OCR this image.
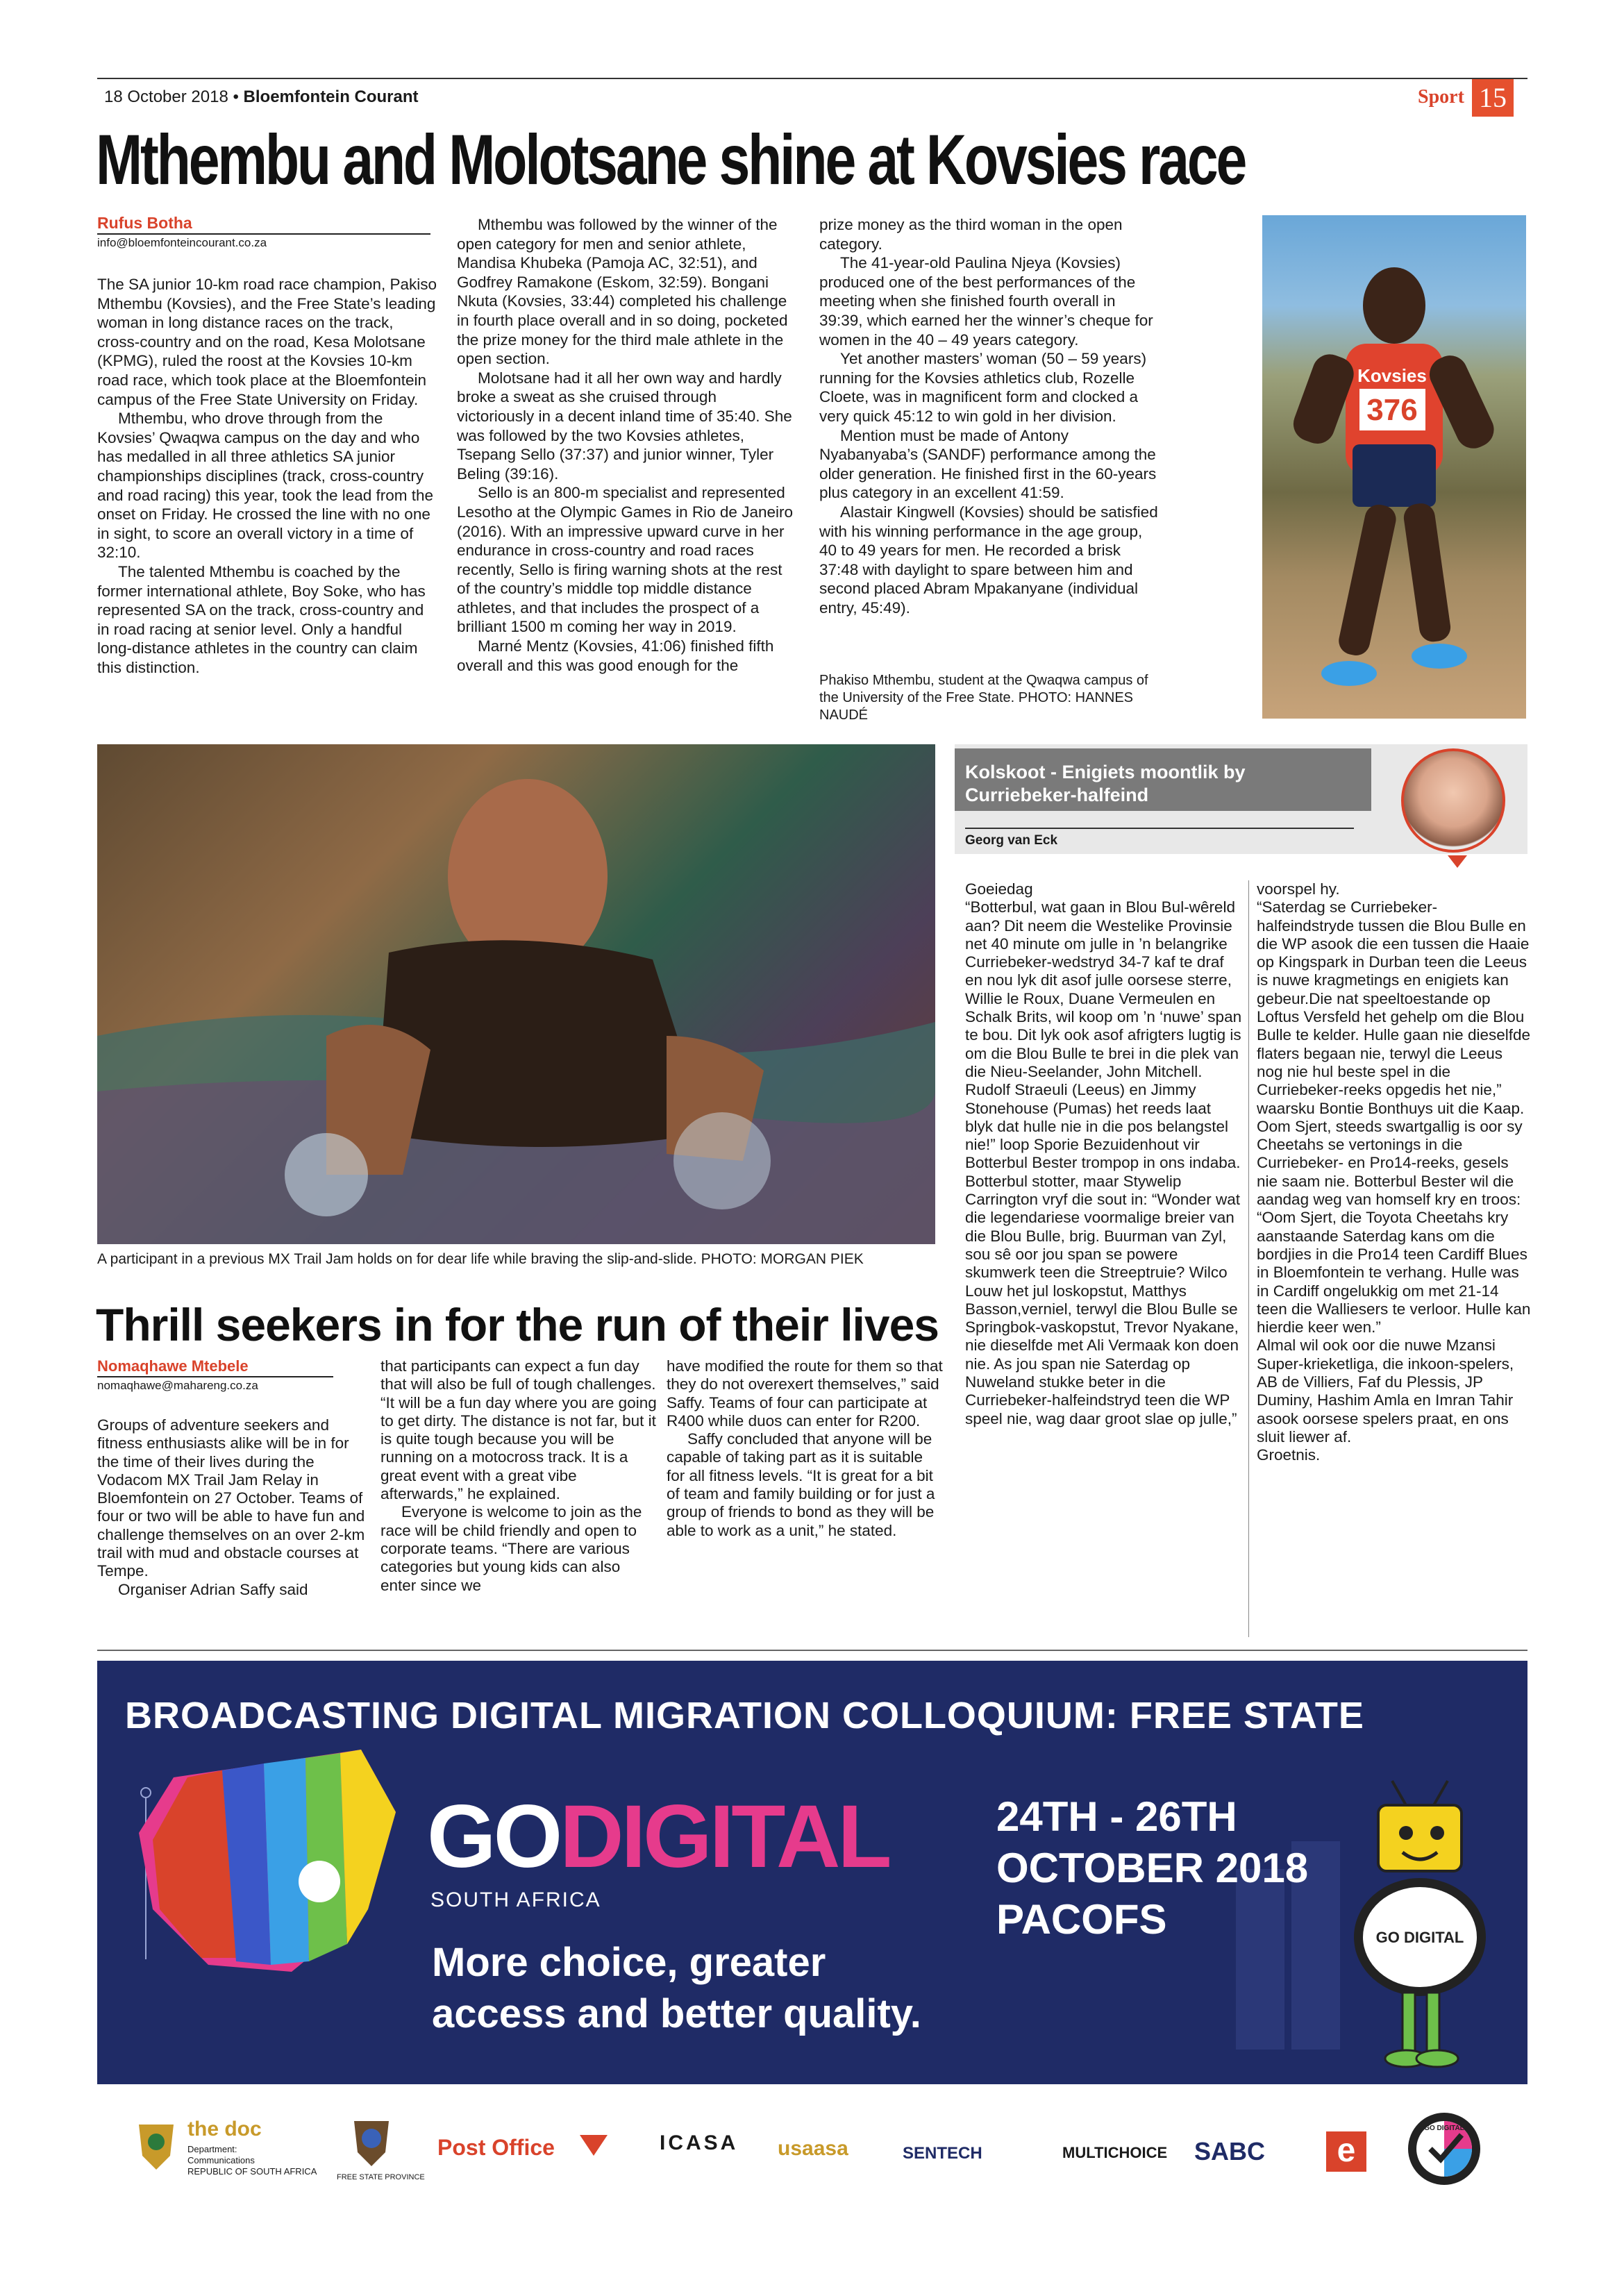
18 October 2018 • Bloemfontein Courant	Sport 15
Mthembu and Molotsane shine at Kovsies race
Rufus Botha
info@bloemfonteincourant.co.za

The SA junior 10-km road race champion, Pakiso Mthembu (Kovsies), and the Free State’s leading woman in long distance races on the track, cross-country and on the road, Kesa Molotsane (KPMG), ruled the roost at the Kovsies 10-km road race, which took place at the Bloemfontein campus of the Free State University on Friday.

Mthembu, who drove through from the Kovsies’ Qwaqwa campus on the day and who has medalled in all three athletics SA junior championships disciplines (track, cross-country and road racing) this year, took the lead from the onset on Friday. He crossed the line with no one in sight, to score an overall victory in a time of 32:10.

The talented Mthembu is coached by the former international athlete, Boy Soke, who has represented SA on the track, cross-country and in road racing at senior level. Only a handful long-distance athletes in the country can claim this distinction.

Mthembu was followed by the winner of the open category for men and senior athlete, Mandisa Khubeka (Pamoja AC, 32:51), and Godfrey Ramakone (Eskom, 32:59). Bongani Nkuta (Kovsies, 33:44) completed his challenge in fourth place overall and in so doing, pocketed the prize money for the third male athlete in the open section.

Molotsane had it all her own way and hardly broke a sweat as she cruised through victoriously in a decent inland time of 35:40. She was followed by the two Kovsies athletes, Tsepang Sello (37:37) and junior winner, Tyler Beling (39:16).

Sello is an 800-m specialist and represented Lesotho at the Olympic Games in Rio de Janeiro (2016). With an impressive upward curve in her endurance in cross-country and road races recently, Sello is firing warning shots at the rest of the country’s middle top middle distance athletes, and that includes the prospect of a brilliant 1500 m coming her way in 2019.

Marné Mentz (Kovsies, 41:06) finished fifth overall and this was good enough for the

prize money as the third woman in the open category.

The 41-year-old Paulina Njeya (Kovsies) produced one of the best performances of the meeting when she finished fourth overall in 39:39, which earned her the winner’s cheque for women in the 40 – 49 years category.

Yet another masters’ woman (50 – 59 years) running for the Kovsies athletics club, Rozelle Cloete, was in magnificent form and clocked a very quick 45:12 to win gold in her division.

Mention must be made of Antony Nyabanyaba’s (SANDF) performance among the older generation. He finished first in the 60-years plus category in an excellent 41:59.

Alastair Kingwell (Kovsies) should be satisfied with his winning performance in the age group, 40 to 49 years for men. He recorded a brisk 37:48 with daylight to spare between him and second placed Abram Mpakanyane (individual entry, 45:49).

Phakiso Mthembu, student at the Qwaqwa campus of the University of the Free State. PHOTO: HANNES NAUDÉ
Kovsies
376
A participant in a previous MX Trail Jam holds on for dear life while braving the slip-and-slide. PHOTO: MORGAN PIEK
Thrill seekers in for the run of their lives
Nomaqhawe Mtebele
nomaqhawe@mahareng.co.za

Groups of adventure seekers and fitness enthusiasts alike will be in for the time of their lives during the Vodacom MX Trail Jam Relay in Bloemfontein on 27 October. Teams of four or two will be able to have fun and challenge themselves on an over 2-km trail with mud and obstacle courses at Tempe.

Organiser Adrian Saffy said

that participants can expect a fun day that will also be full of tough challenges. “It will be a fun day where you are going to get dirty. The distance is not far, but it is quite tough because you will be running on a motocross track. It is a great event with a great vibe afterwards,” he explained.

Everyone is welcome to join as the race will be child friendly and open to corporate teams. “There are various categories but young kids can also enter since we

have modified the route for them so that they do not overexert themselves,” said Saffy. Teams of four can participate at R400 while duos can enter for R200.

Saffy concluded that anyone will be capable of taking part as it is suitable for all fitness levels. “It is great for a bit of team and family building or for just a group of friends to bond as they will be able to work as a unit,” he stated.

Kolskoot - Enigiets moontlik by Curriebeker-halfeind
Georg van Eck

Goeiedag

“Botterbul, wat gaan in Blou Bul-wêreld aan? Dit neem die Westelike Provinsie net 40 minute om julle in ’n belangrike Curriebeker-wedstryd 34-7 kaf te draf en nou lyk dit asof julle oorsese sterre, Willie le Roux, Duane Vermeulen en Schalk Brits, wil koop om ’n ‘nuwe’ span te bou. Dit lyk ook asof afrigters lugtig is om die Blou Bulle te brei in die plek van die Nieu-Seelander, John Mitchell. Rudolf Straeuli (Leeus) en Jimmy Stonehouse (Pumas) het reeds laat blyk dat hulle nie in die pos belangstel nie!” loop Sporie Bezuidenhout vir Botterbul Bester trompop in ons indaba.

Botterbul stotter, maar Stywelip Carrington vryf die sout in: “Wonder wat die legendariese voormalige breier van die Blou Bulle, brig. Buurman van Zyl, sou sê oor jou span se powere skumwerk teen die Streeptruie? Wilco Louw het jul loskopstut, Matthys Basson,verniel, terwyl die Blou Bulle se Springbok-vaskopstut, Trevor Nyakane, nie dieselfde met Ali Vermaak kon doen nie. As jou span nie Saterdag op Nuweland stukke beter in die Curriebeker-halfeindstryd teen die WP speel nie, wag daar groot slae op julle,”

voorspel hy.

“Saterdag se Curriebeker-halfeindstryde tussen die Blou Bulle en die WP asook die een tussen die Haaie op Kingspark in Durban teen die Leeus is nuwe kragmetings en enigiets kan gebeur.Die nat speeltoestande op Loftus Versfeld het gehelp om die Blou Bulle te kelder. Hulle gaan nie dieselfde flaters begaan nie, terwyl die Leeus nog nie hul beste spel in die Curriebeker-reeks opgedis het nie,” waarsku Bontie Bonthuys uit die Kaap.

Oom Sjert, steeds swartgallig is oor sy Cheetahs se vertonings in die Curriebeker- en Pro14-reeks, gesels nie saam nie. Botterbul Bester wil die aandag weg van homself kry en troos: “Oom Sjert, die Toyota Cheetahs kry aanstaande Saterdag kans om die bordjies in die Pro14 teen Cardiff Blues in Bloemfontein te verhang. Hulle was in Cardiff ongelukkig om met 21-14 teen die Walliesers te verloor. Hulle kan hierdie keer wen.”

Almal wil ook oor die nuwe Mzansi Super-krieketliga, die inkoon-spelers, AB de Villiers, Faf du Plessis, JP Duminy, Hashim Amla en Imran Tahir asook oorsese spelers praat, en ons sluit liewer af.

Groetnis.

BROADCASTING DIGITAL MIGRATION COLLOQUIUM: FREE STATE
GODIGITAL
SOUTH AFRICA
24TH - 26TH
OCTOBER 2018
PACOFS
More choice, greater
access and better quality.
GO DIGITAL
the doc
Department:
Communications
REPUBLIC OF SOUTH AFRICA
FREE STATE PROVINCE
Post Office	ICASA usaasa	SENTECH	MULTICHOICE SABC	e
GO DIGITAL
